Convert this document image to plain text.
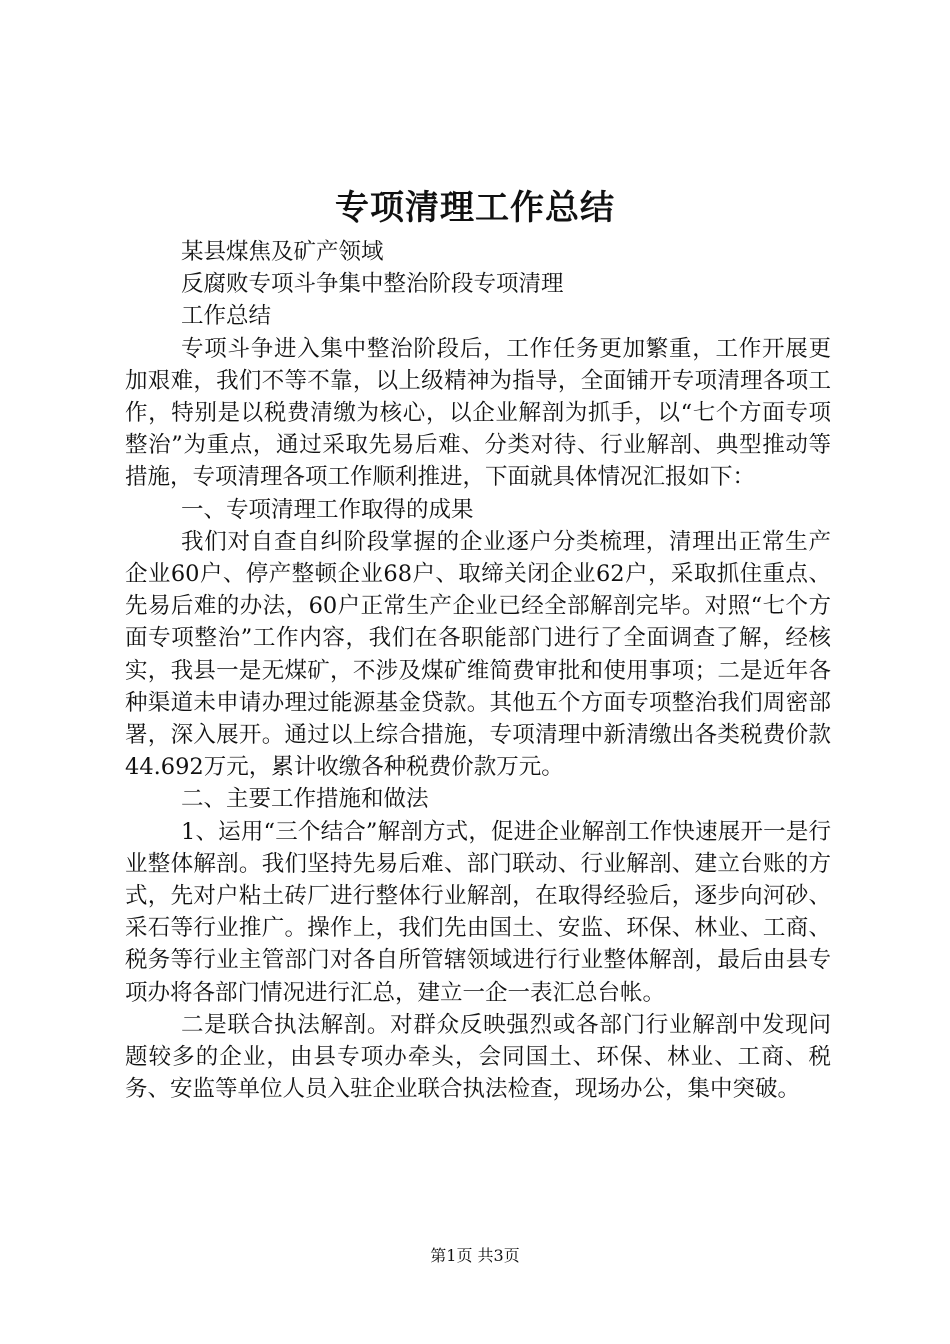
专项清理工作总结

某县煤焦及矿产领域

反腐败专项斗争集中整治阶段专项清理

工作总结

专项斗争进入集中整治阶段后，工作任务更加繁重，工作开展更加艰难，我们不等不靠，以上级精神为指导，全面铺开专项清理各项工作，特别是以税费清缴为核心，以企业解剖为抓手，以“七个方面专项整治”为重点，通过采取先易后难、分类对待、行业解剖、典型推动等措施，专项清理各项工作顺利推进，下面就具体情况汇报如下：

一、专项清理工作取得的成果

我们对自查自纠阶段掌握的企业逐户分类梳理，清理出正常生产企业60户、停产整顿企业68户、取缔关闭企业62户，采取抓住重点、先易后难的办法，60户正常生产企业已经全部解剖完毕。对照“七个方面专项整治”工作内容，我们在各职能部门进行了全面调查了解，经核实，我县一是无煤矿，不涉及煤矿维简费审批和使用事项；二是近年各种渠道未申请办理过能源基金贷款。其他五个方面专项整治我们周密部署，深入展开。通过以上综合措施，专项清理中新清缴出各类税费价款44.692万元，累计收缴各种税费价款万元。

二、主要工作措施和做法

1、运用“三个结合”解剖方式，促进企业解剖工作快速展开一是行业整体解剖。我们坚持先易后难、部门联动、行业解剖、建立台账的方式，先对户粘土砖厂进行整体行业解剖，在取得经验后，逐步向河砂、采石等行业推广。操作上，我们先由国土、安监、环保、林业、工商、税务等行业主管部门对各自所管辖领域进行行业整体解剖，最后由县专项办将各部门情况进行汇总，建立一企一表汇总台帐。

二是联合执法解剖。对群众反映强烈或各部门行业解剖中发现问题较多的企业，由县专项办牵头，会同国土、环保、林业、工商、税务、安监等单位人员入驻企业联合执法检查，现场办公，集中突破。

第1页 共3页
